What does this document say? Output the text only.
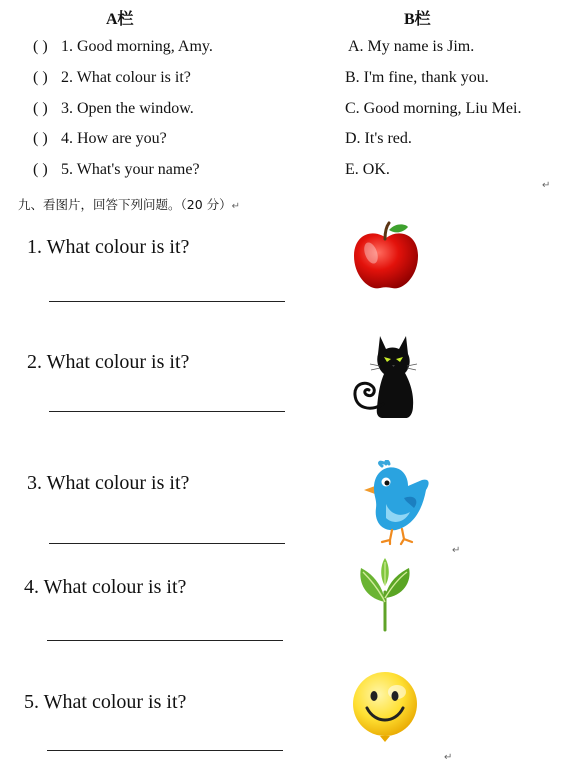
A栏	B栏
( ) 1. Good morning, Amy.
( ) 2. What colour is it?
( ) 3. Open the window.
( ) 4. How are you?
( ) 5. What's your name?
A. My name is Jim.
B. I'm fine, thank you.
C. Good morning, Liu Mei.
D. It's red.
E. OK.
↵
九、看图片，回答下列问题。（20 分）↵
1. What colour is it?
2. What colour is it?
3. What colour is it?
↵
4. What colour is it?
5. What colour is it?
↵
